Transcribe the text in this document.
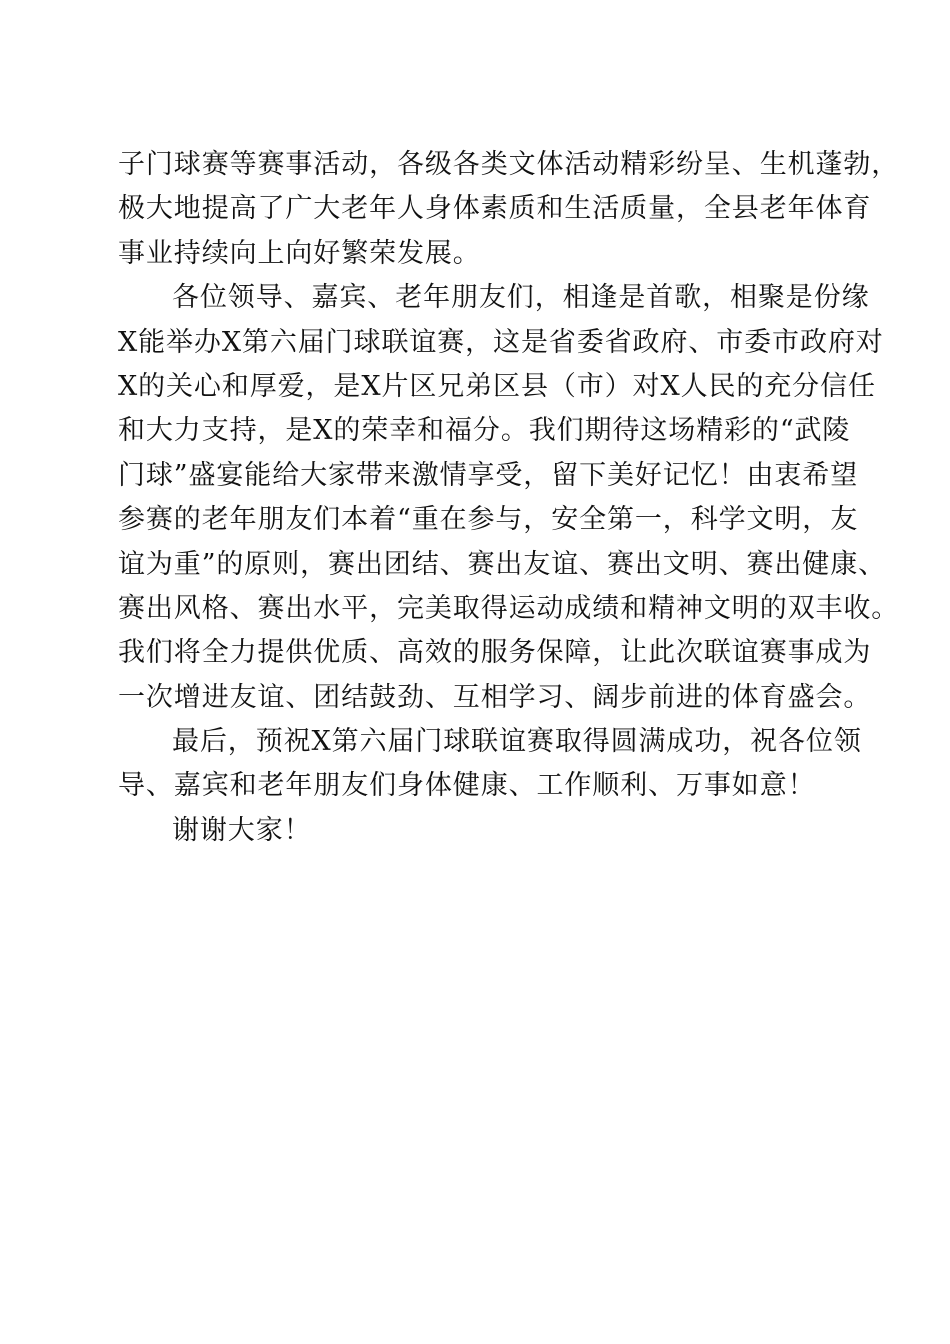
子门球赛等赛事活动，各级各类文体活动精彩纷呈、生机蓬勃，
极大地提高了广大老年人身体素质和生活质量，全县老年体育
事业持续向上向好繁荣发展。
各位领导、嘉宾、老年朋友们，相逢是首歌，相聚是份缘
X能举办X第六届门球联谊赛，这是省委省政府、市委市政府对
X的关心和厚爱，是X片区兄弟区县（市）对X人民的充分信任
和大力支持，是X的荣幸和福分。我们期待这场精彩的“武陵
门球”盛宴能给大家带来激情享受，留下美好记忆！由衷希望
参赛的老年朋友们本着“重在参与，安全第一，科学文明，友
谊为重”的原则，赛出团结、赛出友谊、赛出文明、赛出健康、
赛出风格、赛出水平，完美取得运动成绩和精神文明的双丰收。
我们将全力提供优质、高效的服务保障，让此次联谊赛事成为
一次增进友谊、团结鼓劲、互相学习、阔步前进的体育盛会。
最后，预祝X第六届门球联谊赛取得圆满成功，祝各位领
导、嘉宾和老年朋友们身体健康、工作顺利、万事如意！
谢谢大家！
